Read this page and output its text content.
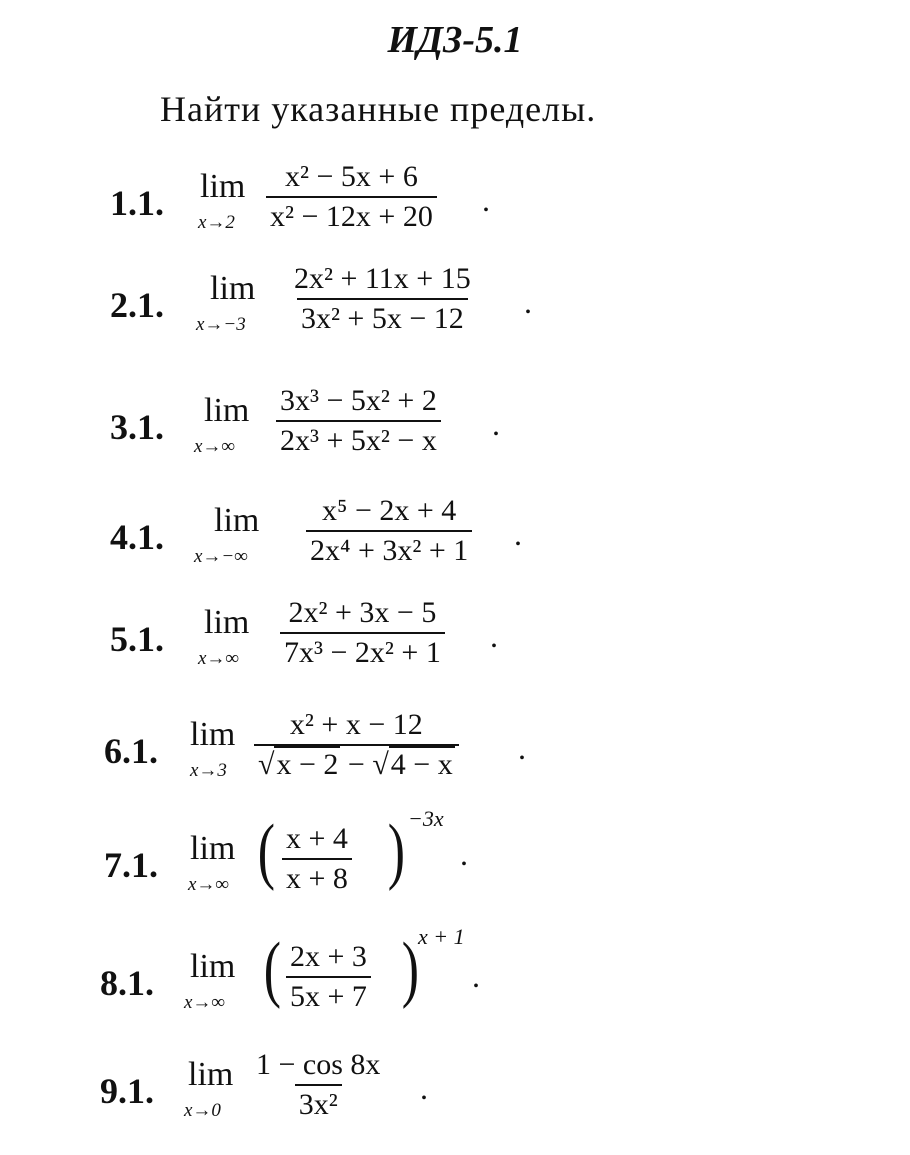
ИДЗ-5.1
Найти указанные пределы.
1.1. lim
$x\to 2 \frac{\text{x² − 5x + 6}}{\text{x² − 12x + 20}}$ .
2.1. lim
$x\to-3 \frac{\text{2x² + 11x + 15}}{\text{3x² + 5x − 12}}$ .
3.1. lim
$x\to\infty \frac{\text{3x³ − 5x² + 2}}{\text{2x³ + 5x² − x}}$ .
4.1. lim
$x\to-\infty \frac{\text{x⁵ − 2x + 4}}{\text{2x⁴ + 3x² + 1}}$ .
5.1. lim
$x\to\infty \frac{\text{2x² + 3x − 5}}{\text{7x³ − 2x² + 1}}$ .
6.1. lim
$x\to 3 \frac{\text{x² + x − 12}}{√x - 2 - √4 - x}$ .
7.1. lim
x→∞ ( $\frac{x + 4}{x + 8}$ ) −3x
.
8.1. lim
x→∞ ( $\frac{2x + 3}{5x + 7}$ ) x + 1
.
9.1. lim
$x\to 0 \frac{1 - \cos 8x}{\text{3x²}}$ .
